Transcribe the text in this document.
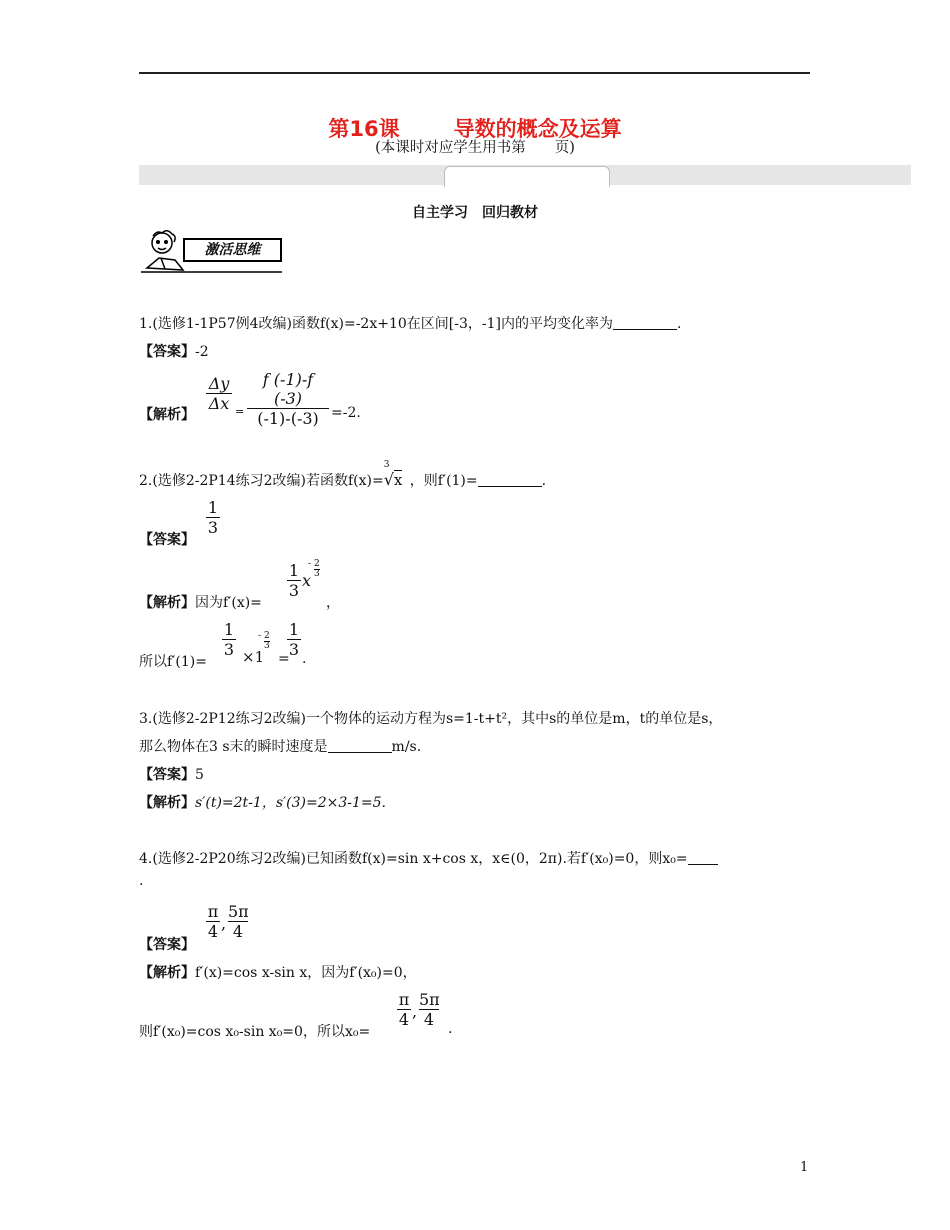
第16课	导数的概念及运算
(本课时对应学生用书第　　页)
自主学习　回归教材
激活思维
1.(选修1-1P57例4改编)函数f(x)=-2x+10在区间[-3，-1]内的平均变化率为	.
【答案】-2
【解析】
$\frac{\Delta y}{\Delta x} = \frac{f (-1)-f (-3)}{(-1)-(-3)} =-2$.
2.(选修2-2P14练习2改编)若函数f(x)=
3
√x ，则f′(1)=	.
$\frac{1}{3}$
【答案】
【解析】因为f′(x)=
$\frac{1}{3}$ x
- 2
3
，
所以f′(1)=
$\frac{1}{3} \times 1$
- 2
3
=
$\frac{1}{3}$ .
3.(选修2-2P12练习2改编)一个物体的运动方程为s=1-t+t²，其中s的单位是m，t的单位是s，
那么物体在3 s末的瞬时速度是	m/s.
【答案】5
【解析】s′(t)=2t-1，s′(3)=2×3-1=5.
4.(选修2-2P20练习2改编)已知函数f(x)=sin x+cos x，x∈(0，2π).若f′(x₀)=0，则x₀=
.
$\frac{\pi}{4}$ , $\frac{5\pi}{4}$
【答案】
【解析】f′(x)=cos x-sin x，因为f′(x₀)=0，
则f′(x₀)=cos x₀-sin x₀=0，所以x₀=
$\frac{\pi}{4}$ , $\frac{5\pi}{4}$ .
1
